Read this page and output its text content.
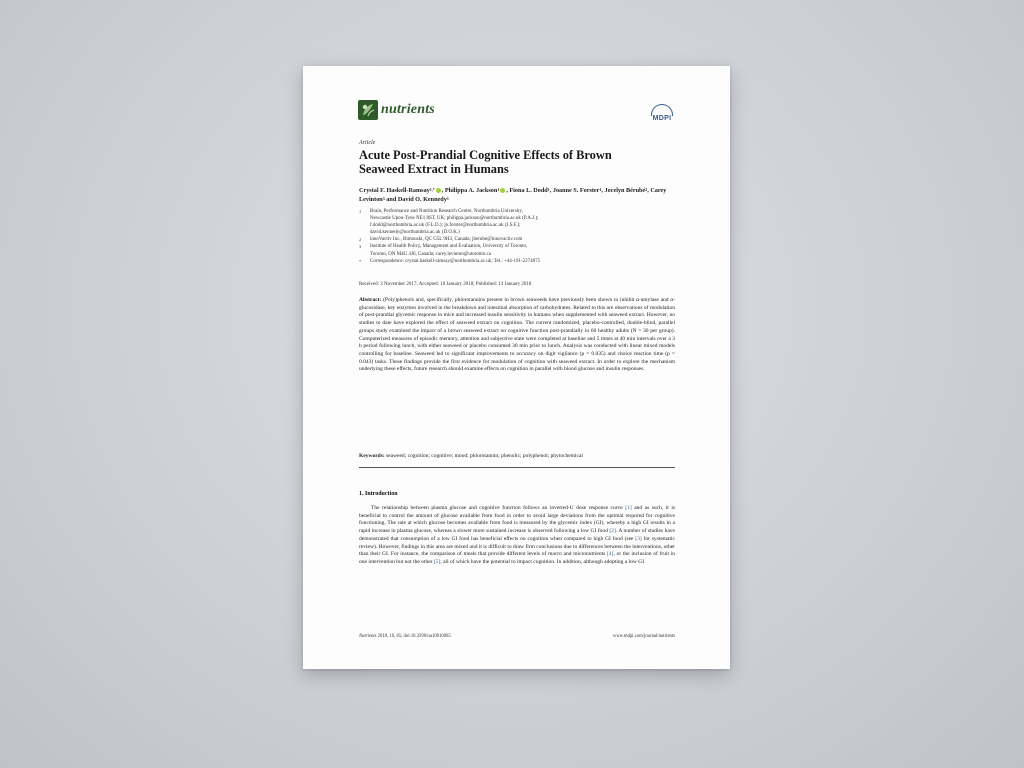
nutrients
MDPI
Article
Acute Post-Prandial Cognitive Effects of Brown Seaweed Extract in Humans
Crystal F. Haskell-Ramsay$^{1,*}$ , Philippa A. Jackson$^1$ , Fiona L. Dodd$^1$, Joanne S. Forster$^1$, Jocelyn Bérubé$^2$, Carey Levinton$^3$ and David O. Kennedy$^1$
1	Brain, Performance and Nutrition Research Centre, Northumbria University,
Newcastle Upon-Tyne NE1 8ST, UK; philippa.jackson@northumbria.ac.uk (P.A.J.);
f.dodd@northumbria.ac.uk (F.L.D.); jo.forster@northumbria.ac.uk (J.S.F.);
david.kennedy@northumbria.ac.uk (D.O.K.)
2	innoVactiv Inc., Rimouski, QC G5L 9H3, Canada; jberube@innovactiv.com
3	Institute of Health Policy, Management and Evaluation, University of Toronto,
Toronto, ON M4G 4J6, Canada; carey.levinton@utoronto.ca
*	Correspondence: crystal.haskell-ramsay@northumbria.ac.uk; Tel.: +44-191-2274875
Received: 3 November 2017; Accepted: 10 January 2018; Published: 13 January 2018
Abstract: (Poly)phenols and, specifically, phlorotannins present in brown seaweeds have previously been shown to inhibit α-amylase and α-glucosidase, key enzymes involved in the breakdown and intestinal absorption of carbohydrates. Related to this are observations of modulation of post-prandial glycemic response in mice and increased insulin sensitivity in humans when supplemented with seaweed extract. However, no studies to date have explored the effect of seaweed extract on cognition. The current randomized, placebo-controlled, double-blind, parallel groups study examined the impact of a brown seaweed extract on cognitive function post-prandially in 60 healthy adults (N = 30 per group). Computerized measures of episodic memory, attention and subjective state were completed at baseline and 5 times at 40 min intervals over a 3 h period following lunch, with either seaweed or placebo consumed 30 min prior to lunch. Analysis was conducted with linear mixed models controlling for baseline. Seaweed led to significant improvements to accuracy on digit vigilance (p = 0.035) and choice reaction time (p = 0.043) tasks. These findings provide the first evidence for modulation of cognition with seaweed extract. In order to explore the mechanism underlying these effects, future research should examine effects on cognition in parallel with blood glucose and insulin responses.
Keywords: seaweed; cognition; cognitive; mood; phlorotannin; phenolic; polyphenol; phytochemical
1. Introduction
The relationship between plasma glucose and cognitive function follows an inverted-U dose response curve [1] and as such, it is beneficial to control the amount of glucose available from food in order to avoid large deviations from the optimal required for cognitive functioning. The rate at which glucose becomes available from food is measured by the glycemic index (GI), whereby a high GI results in a rapid increase in plasma glucose, whereas a slower more sustained increase is observed following a low GI food [2]. A number of studies have demonstrated that consumption of a low GI food has beneficial effects on cognition when compared to high GI food (see [3] for systematic review). However, findings in this area are mixed and it is difficult to draw firm conclusions due to differences between the interventions, other than their GI. For instance, the comparison of meals that provide different levels of macro and micronutrients [4], or the inclusion of fruit in one intervention but not the other [5]; all of which have the potential to impact cognition. In addition, although adopting a low GI
Nutrients 2018, 10, 85; doi:10.3390/nu10010085	www.mdpi.com/journal/nutrients
